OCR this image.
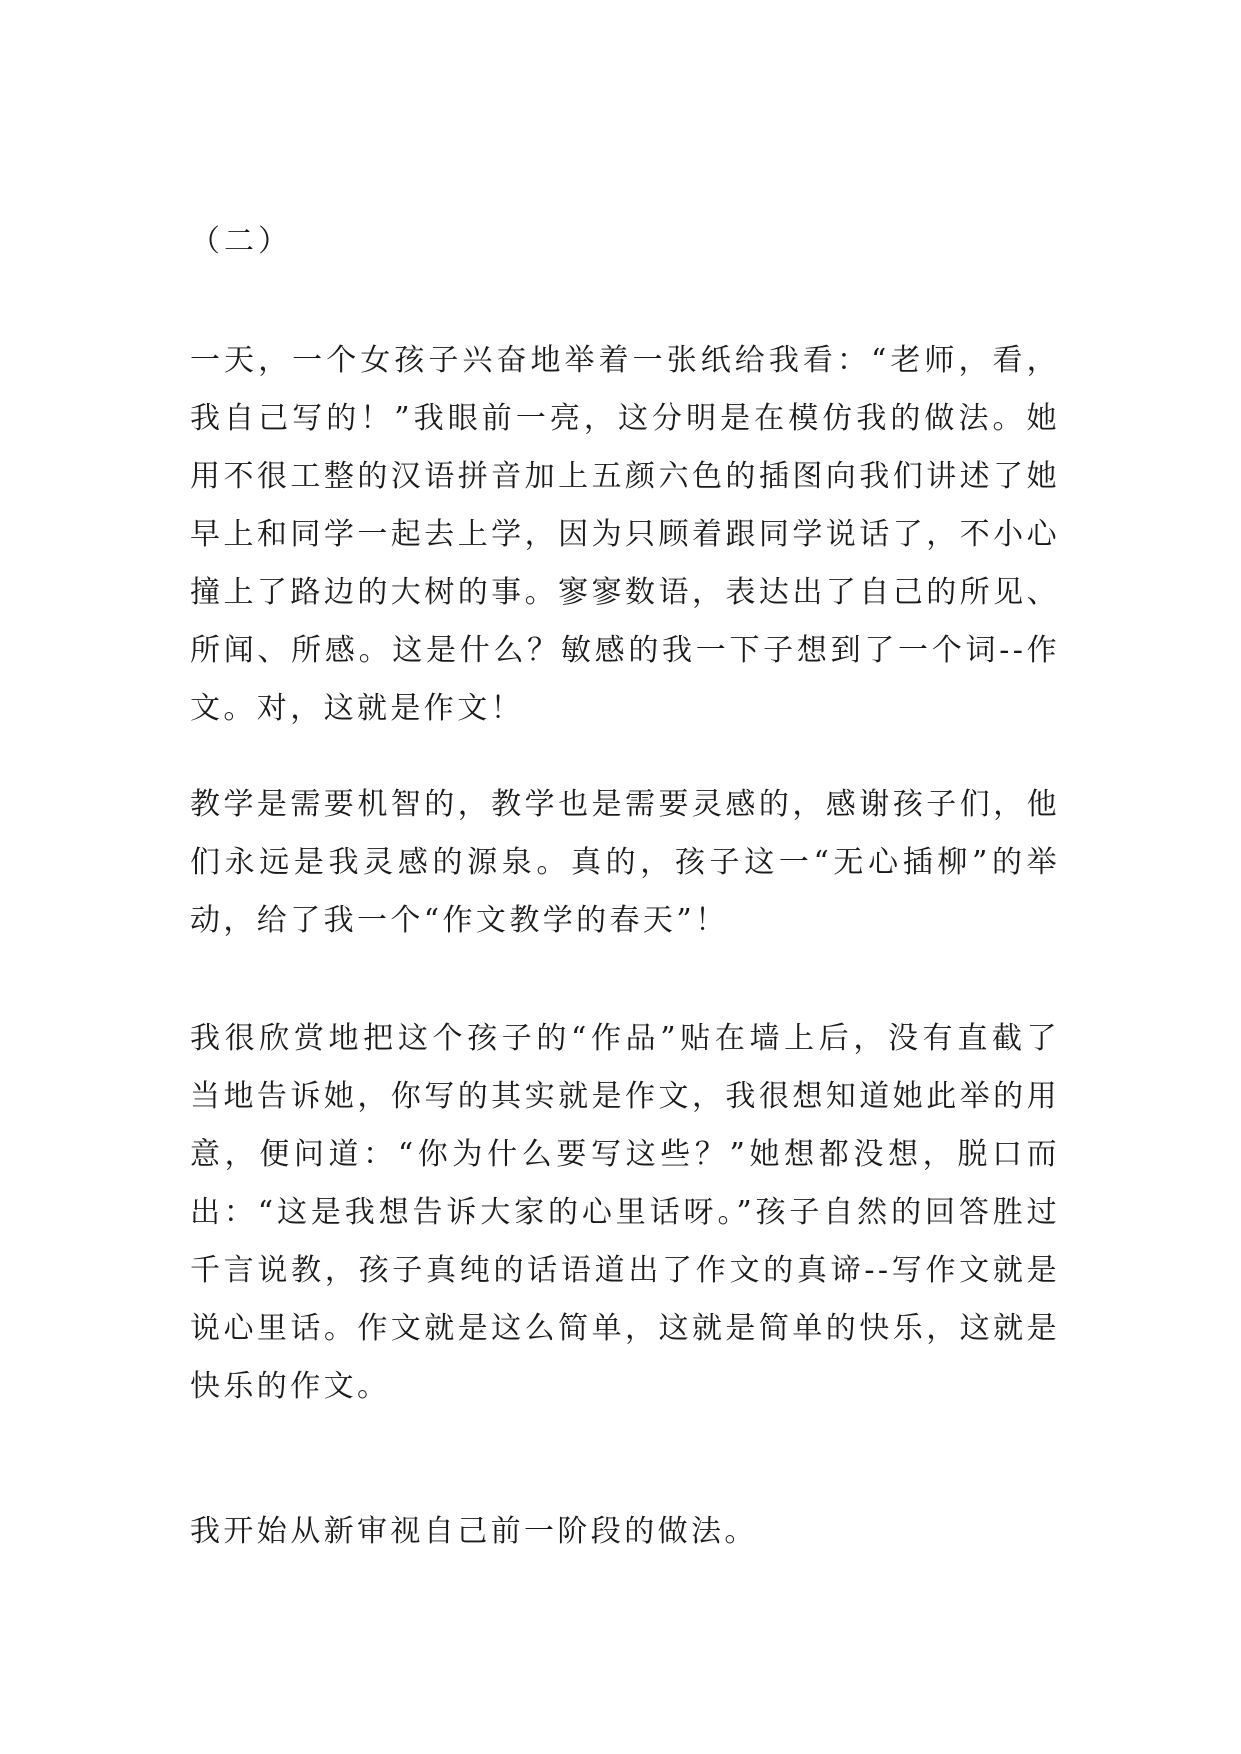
（二）

一天，一个女孩子兴奋地举着一张纸给我看：“老师，看，我自己写的！”我眼前一亮，这分明是在模仿我的做法。她用不很工整的汉语拼音加上五颜六色的插图向我们讲述了她早上和同学一起去上学，因为只顾着跟同学说话了，不小心撞上了路边的大树的事。寥寥数语，表达出了自己的所见、所闻、所感。这是什么？敏感的我一下子想到了一个词--作文。对，这就是作文！

教学是需要机智的，教学也是需要灵感的，感谢孩子们，他们永远是我灵感的源泉。真的，孩子这一“无心插柳”的举动，给了我一个“作文教学的春天”！

我很欣赏地把这个孩子的“作品”贴在墙上后，没有直截了当地告诉她，你写的其实就是作文，我很想知道她此举的用意，便问道：“你为什么要写这些？”她想都没想，脱口而出：“这是我想告诉大家的心里话呀。”孩子自然的回答胜过千言说教，孩子真纯的话语道出了作文的真谛--写作文就是说心里话。作文就是这么简单，这就是简单的快乐，这就是快乐的作文。

我开始从新审视自己前一阶段的做法。
